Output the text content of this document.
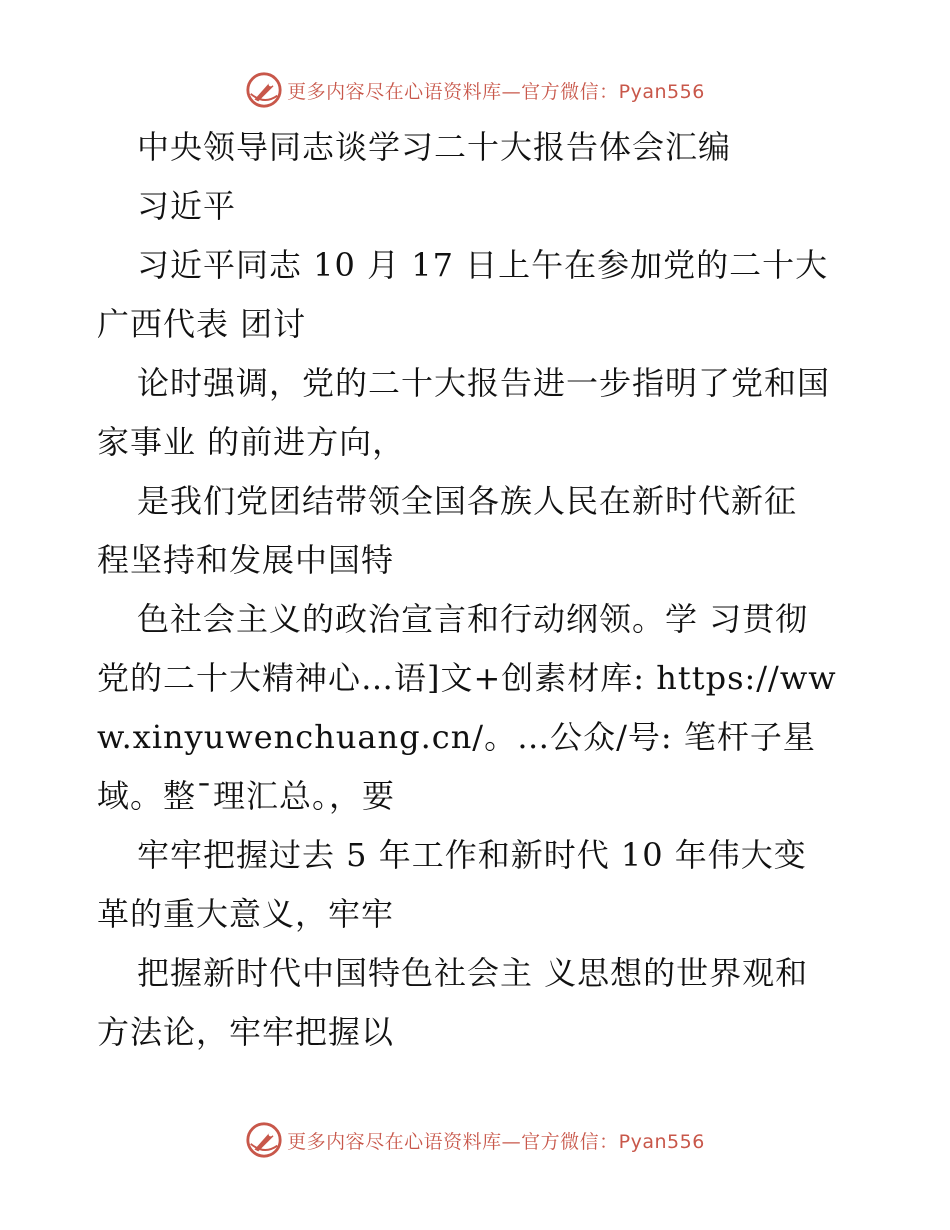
更多内容尽在心语资料库—官方微信：Pyan556
中央领导同志谈学习二十大报告体会汇编
习近平
习近平同志 10 月 17 日上午在参加党的二十大
广西代表 团讨
论时强调，党的二十大报告进一步指明了党和国
家事业 的前进方向，
是我们党团结带领全国各族人民在新时代新征
程坚持和发展中国特
色社会主义的政治宣言和行动纲领。学 习贯彻
党的二十大精神心…语]文+创素材库: https://ww
w.xinyuwenchuang.cn/。…公众/号: 笔杆子星
域。整¯理汇总。，要
牢牢把握过去 5 年工作和新时代 10 年伟大变
革的重大意义，牢牢
把握新时代中国特色社会主 义思想的世界观和
方法论，牢牢把握以
更多内容尽在心语资料库—官方微信：Pyan556
